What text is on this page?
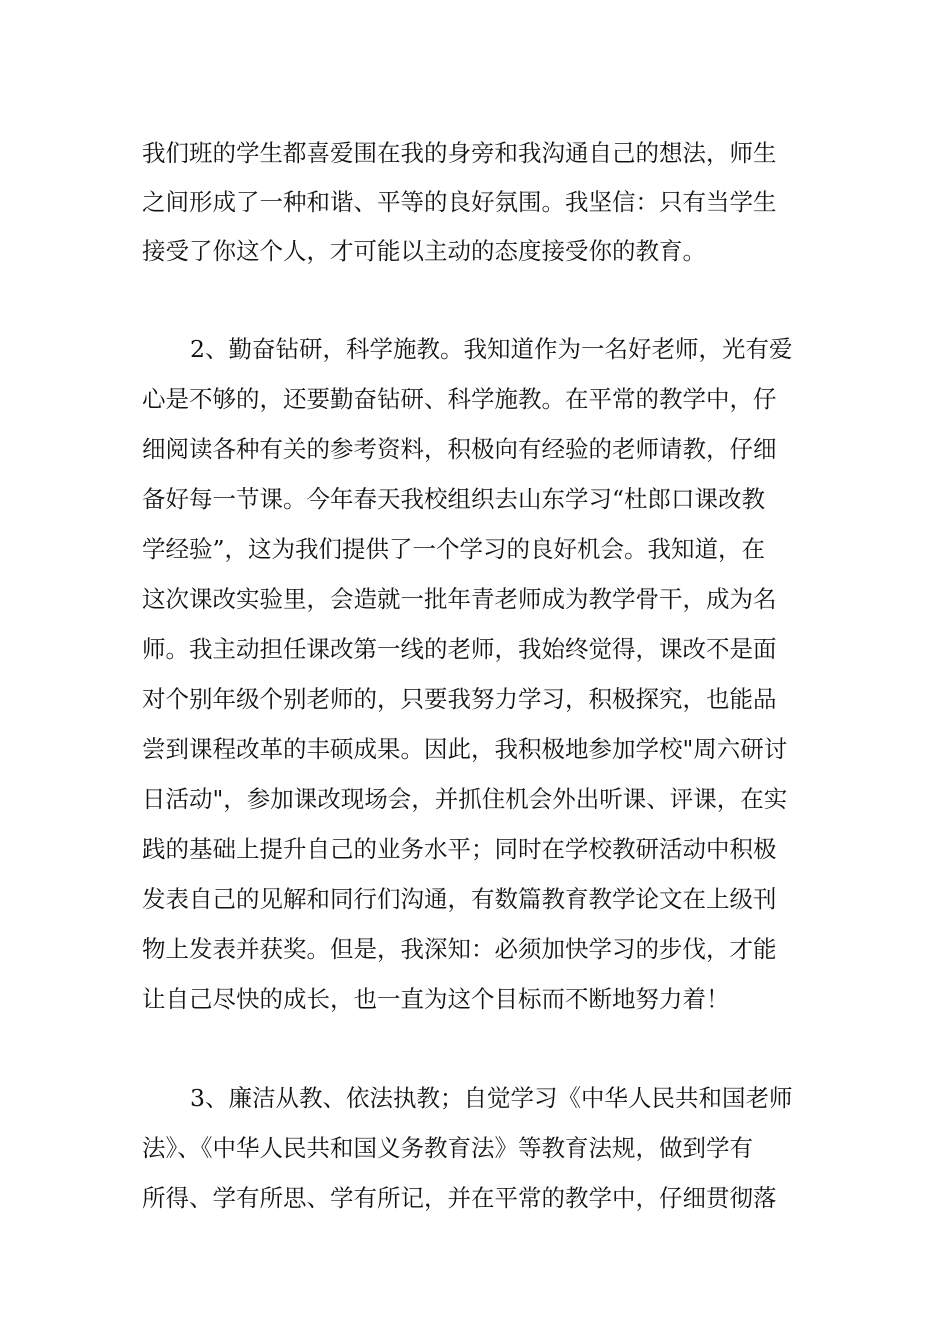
我们班的学生都喜爱围在我的身旁和我沟通自己的想法，师生

之间形成了一种和谐、平等的良好氛围。我坚信：只有当学生

接受了你这个人，才可能以主动的态度接受你的教育。

2、勤奋钻研，科学施教。我知道作为一名好老师，光有爱

心是不够的，还要勤奋钻研、科学施教。在平常的教学中，仔

细阅读各种有关的参考资料，积极向有经验的老师请教，仔细

备好每一节课。今年春天我校组织去山东学习“杜郎口课改教

学经验”，这为我们提供了一个学习的良好机会。我知道，在

这次课改实验里，会造就一批年青老师成为教学骨干，成为名

师。我主动担任课改第一线的老师，我始终觉得，课改不是面

对个别年级个别老师的，只要我努力学习，积极探究，也能品

尝到课程改革的丰硕成果。因此，我积极地参加学校"周六研讨

日活动"，参加课改现场会，并抓住机会外出听课、评课，在实

践的基础上提升自己的业务水平；同时在学校教研活动中积极

发表自己的见解和同行们沟通，有数篇教育教学论文在上级刊

物上发表并获奖。但是，我深知：必须加快学习的步伐，才能

让自己尽快的成长，也一直为这个目标而不断地努力着！

3、廉洁从教、依法执教；自觉学习《中华人民共和国老师

法》、《中华人民共和国义务教育法》等教育法规，做到学有

所得、学有所思、学有所记，并在平常的教学中，仔细贯彻落
